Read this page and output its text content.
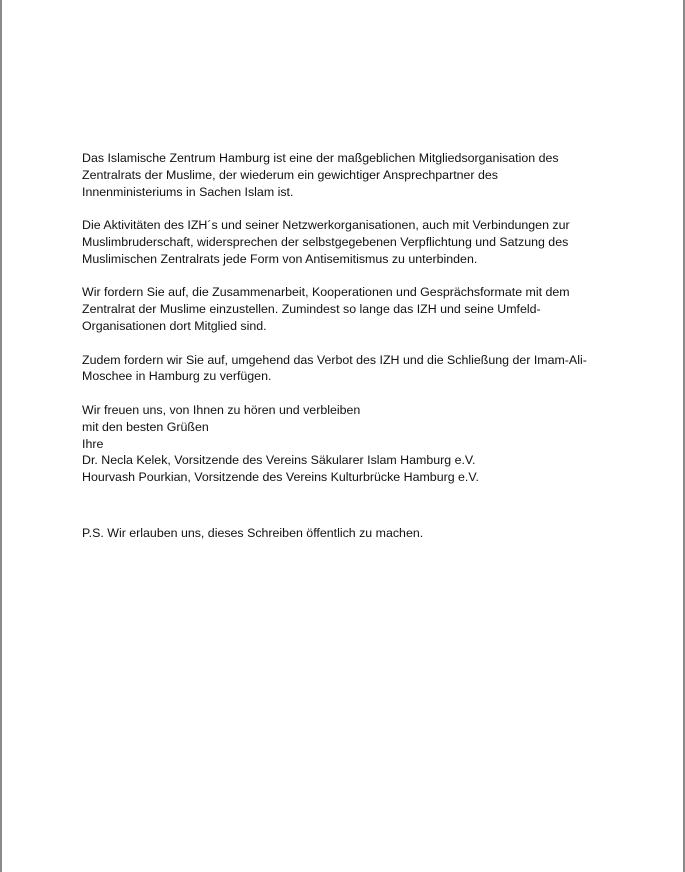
Das Islamische Zentrum Hamburg ist eine der maßgeblichen Mitgliedsorganisation des
Zentralrats der Muslime, der wiederum ein gewichtiger Ansprechpartner des
Innenministeriums in Sachen Islam ist.

Die Aktivitäten des IZH´s und seiner Netzwerkorganisationen, auch mit Verbindungen zur
Muslimbruderschaft, widersprechen der selbstgegebenen Verpflichtung und Satzung des
Muslimischen Zentralrats jede Form von Antisemitismus zu unterbinden.

Wir fordern Sie auf, die Zusammenarbeit, Kooperationen und Gesprächsformate mit dem
Zentralrat der Muslime einzustellen. Zumindest so lange das IZH und seine Umfeld-
Organisationen dort Mitglied sind.

Zudem fordern wir Sie auf, umgehend das Verbot des IZH und die Schließung der Imam-Ali-
Moschee in Hamburg zu verfügen.

Wir freuen uns, von Ihnen zu hören und verbleiben
mit den besten Grüßen
Ihre
Dr. Necla Kelek, Vorsitzende des Vereins Säkularer Islam Hamburg e.V.
Hourvash Pourkian, Vorsitzende des Vereins Kulturbrücke Hamburg e.V.

P.S. Wir erlauben uns, dieses Schreiben öffentlich zu machen.
